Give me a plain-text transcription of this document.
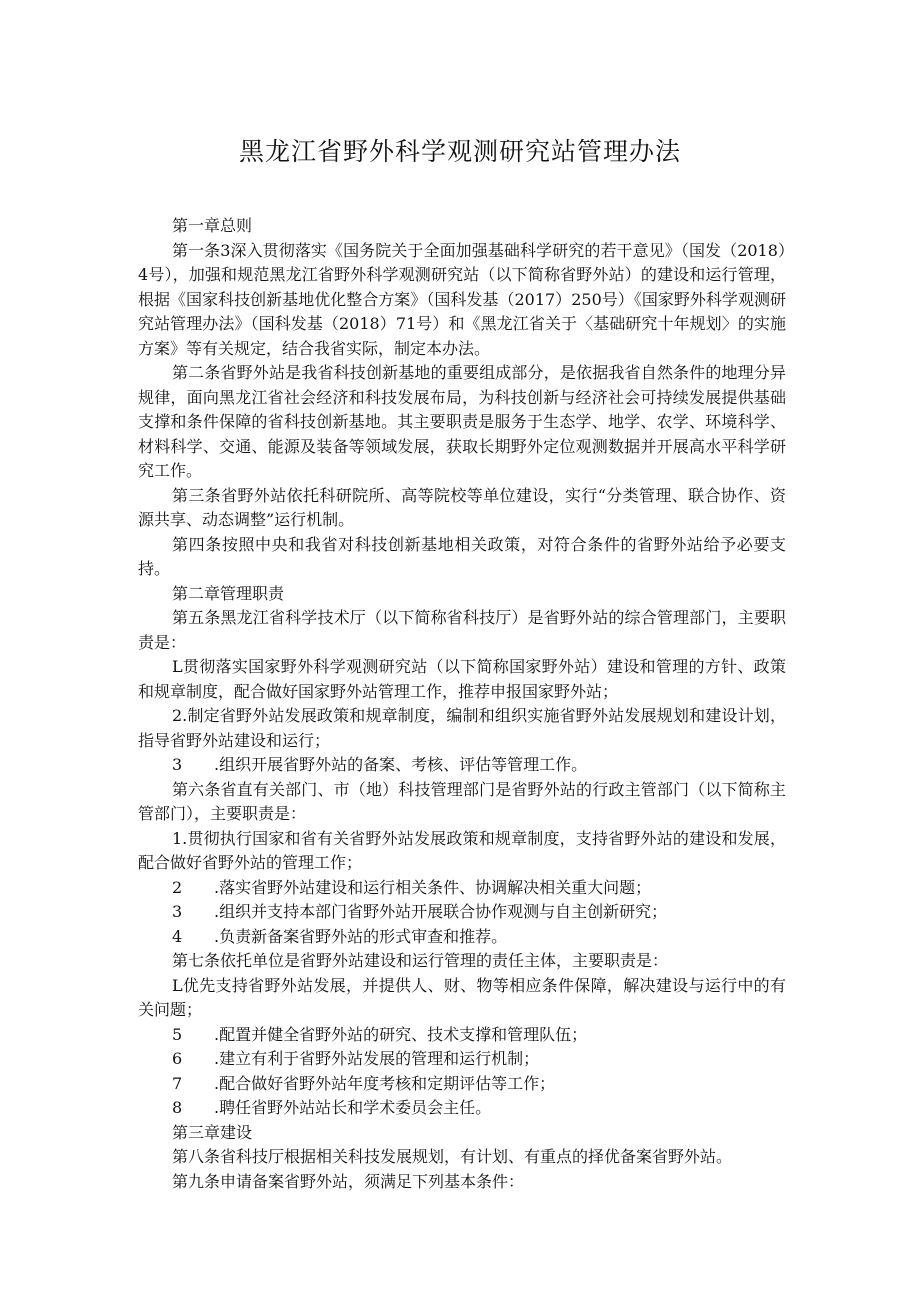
黑龙江省野外科学观测研究站管理办法

第一章总则

第一条3深入贯彻落实《国务院关于全面加强基础科学研究的若干意见》（国发（2018）4号），加强和规范黑龙江省野外科学观测研究站（以下简称省野外站）的建设和运行管理，根据《国家科技创新基地优化整合方案》（国科发基（2017）250号）《国家野外科学观测研究站管理办法》（国科发基（2018）71号）和《黑龙江省关于〈基础研究十年规划〉的实施方案》等有关规定，结合我省实际，制定本办法。

第二条省野外站是我省科技创新基地的重要组成部分，是依据我省自然条件的地理分异规律，面向黑龙江省社会经济和科技发展布局，为科技创新与经济社会可持续发展提供基础支撑和条件保障的省科技创新基地。其主要职责是服务于生态学、地学、农学、环境科学、材料科学、交通、能源及装备等领域发展，获取长期野外定位观测数据并开展高水平科学研究工作。

第三条省野外站依托科研院所、高等院校等单位建设，实行“分类管理、联合协作、资源共享、动态调整”运行机制。

第四条按照中央和我省对科技创新基地相关政策，对符合条件的省野外站给予必要支持。

第二章管理职责

第五条黑龙江省科学技术厅（以下简称省科技厅）是省野外站的综合管理部门，主要职责是：

L贯彻落实国家野外科学观测研究站（以下简称国家野外站）建设和管理的方针、政策和规章制度，配合做好国家野外站管理工作，推荐申报国家野外站；

2.制定省野外站发展政策和规章制度，编制和组织实施省野外站发展规划和建设计划，指导省野外站建设和运行；

3 .组织开展省野外站的备案、考核、评估等管理工作。

第六条省直有关部门、市（地）科技管理部门是省野外站的行政主管部门（以下简称主管部门），主要职责是：

1.贯彻执行国家和省有关省野外站发展政策和规章制度，支持省野外站的建设和发展，配合做好省野外站的管理工作；

2 .落实省野外站建设和运行相关条件、协调解决相关重大问题；

3 .组织并支持本部门省野外站开展联合协作观测与自主创新研究；

4 .负责新备案省野外站的形式审查和推荐。

第七条依托单位是省野外站建设和运行管理的责任主体，主要职责是：

L优先支持省野外站发展，并提供人、财、物等相应条件保障，解决建设与运行中的有关问题；

5 .配置并健全省野外站的研究、技术支撑和管理队伍；

6 .建立有利于省野外站发展的管理和运行机制；

7 .配合做好省野外站年度考核和定期评估等工作；

8 .聘任省野外站站长和学术委员会主任。

第三章建设

第八条省科技厅根据相关科技发展规划，有计划、有重点的择优备案省野外站。

第九条申请备案省野外站，须满足下列基本条件：
